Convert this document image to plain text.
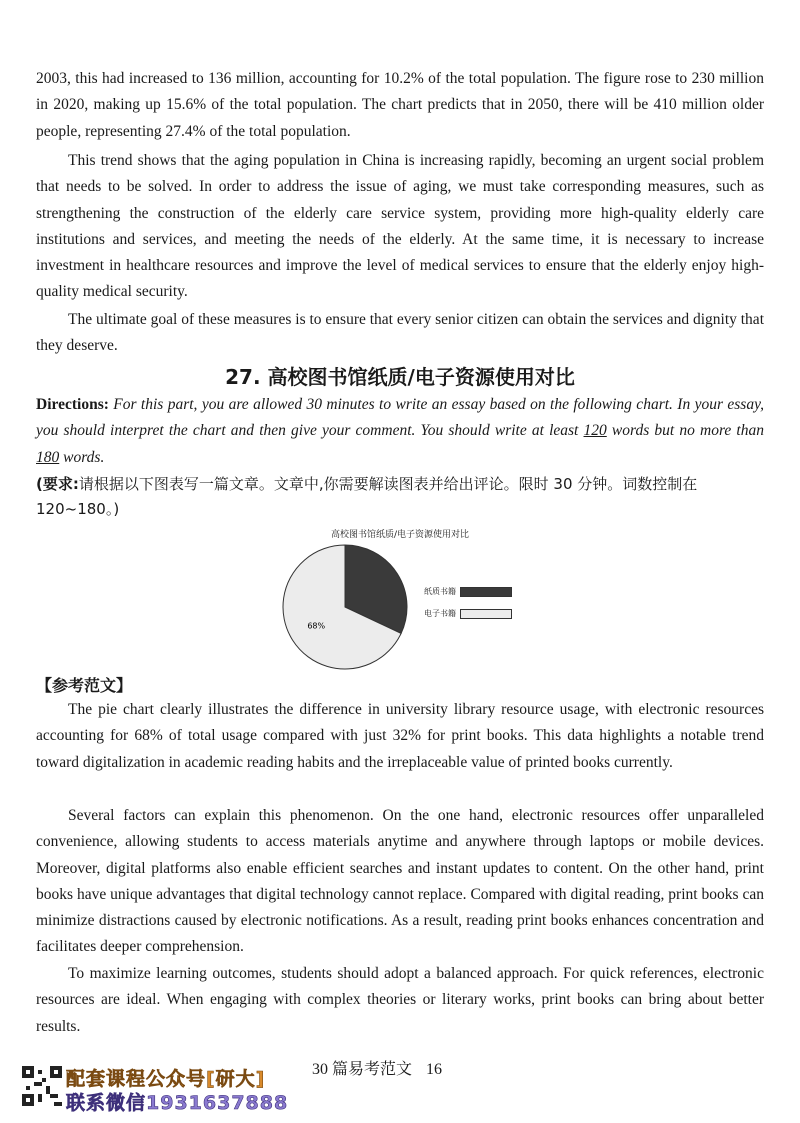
2003, this had increased to 136 million, accounting for 10.2% of the total population. The figure rose to 230 million in 2020, making up 15.6% of the total population. The chart predicts that in 2050, there will be 410 million older people, representing 27.4% of the total population.

This trend shows that the aging population in China is increasing rapidly, becoming an urgent social problem that needs to be solved. In order to address the issue of aging, we must take corresponding measures, such as strengthening the construction of the elderly care service system, providing more high-quality elderly care institutions and services, and meeting the needs of the elderly. At the same time, it is necessary to increase investment in healthcare resources and improve the level of medical services to ensure that the elderly enjoy high-quality medical security.

The ultimate goal of these measures is to ensure that every senior citizen can obtain the services and dignity that they deserve.

27. 高校图书馆纸质/电子资源使用对比

Directions: For this part, you are allowed 30 minutes to write an essay based on the following chart. In your essay, you should interpret the chart and then give your comment. You should write at least 120 words but no more than 180 words.

(要求:请根据以下图表写一篇文章。文章中,你需要解读图表并给出评论。限时 30 分钟。词数控制在 120~180。)

高校图书馆纸质/电子资源使用对比
68%
纸质书籍
电子书籍

【参考范文】

The pie chart clearly illustrates the difference in university library resource usage, with electronic resources accounting for 68% of total usage compared with just 32% for print books. This data highlights a notable trend toward digitalization in academic reading habits and the irreplaceable value of printed books currently.

Several factors can explain this phenomenon. On the one hand, electronic resources offer unparalleled convenience, allowing students to access materials anytime and anywhere through laptops or mobile devices. Moreover, digital platforms also enable efficient searches and instant updates to content. On the other hand, print books have unique advantages that digital technology cannot replace. Compared with digital reading, print books can minimize distractions caused by electronic notifications. As a result, reading print books enhances concentration and facilitates deeper comprehension.

To maximize learning outcomes, students should adopt a balanced approach. For quick references, electronic resources are ideal. When engaging with complex theories or literary works, print books can bring about better results.

配套课程公众号[研大]
联系微信1931637888
30 篇易考范文 16
